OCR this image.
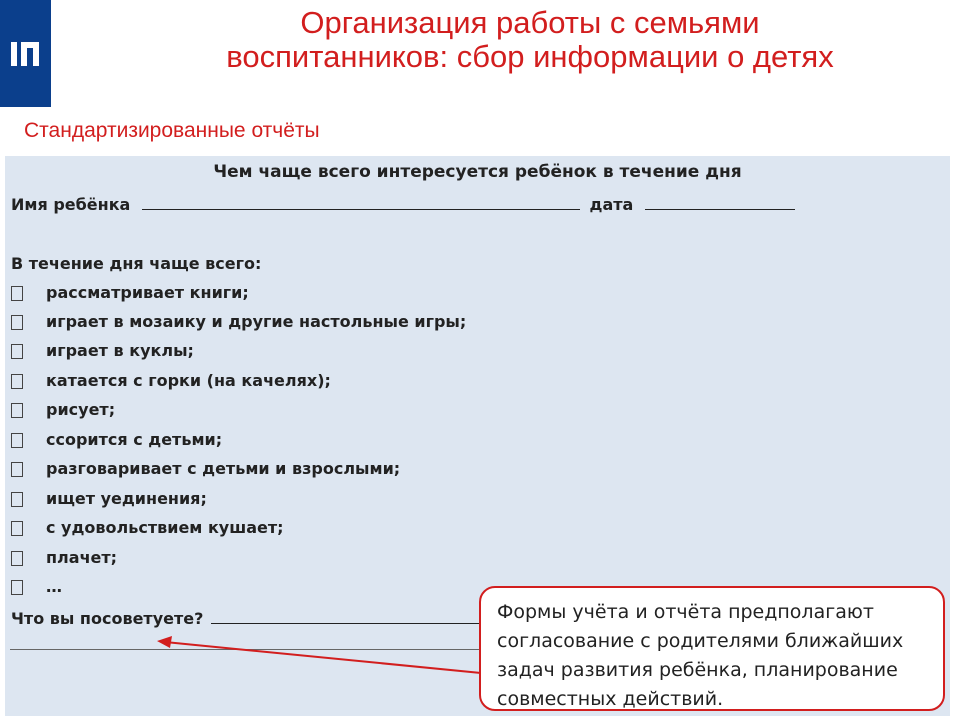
Организация работы с семьями
воспитанников: сбор информации о детях
Стандартизированные отчёты
Чем чаще всего интересуется ребёнок в течение дня
Имя ребёнка	дата
В течение дня чаще всего:
рассматривает книги;
играет в мозаику и другие настольные игры;
играет в куклы;
катается с горки (на качелях);
рисует;
ссорится с детьми;
разговаривает с детьми и взрослыми;
ищет уединения;
с удовольствием кушает;
плачет;
…
Что вы посоветуете?	Формы учёта и отчёта предполагают
согласование с родителями ближайших
задач развития ребёнка, планирование
совместных действий.
